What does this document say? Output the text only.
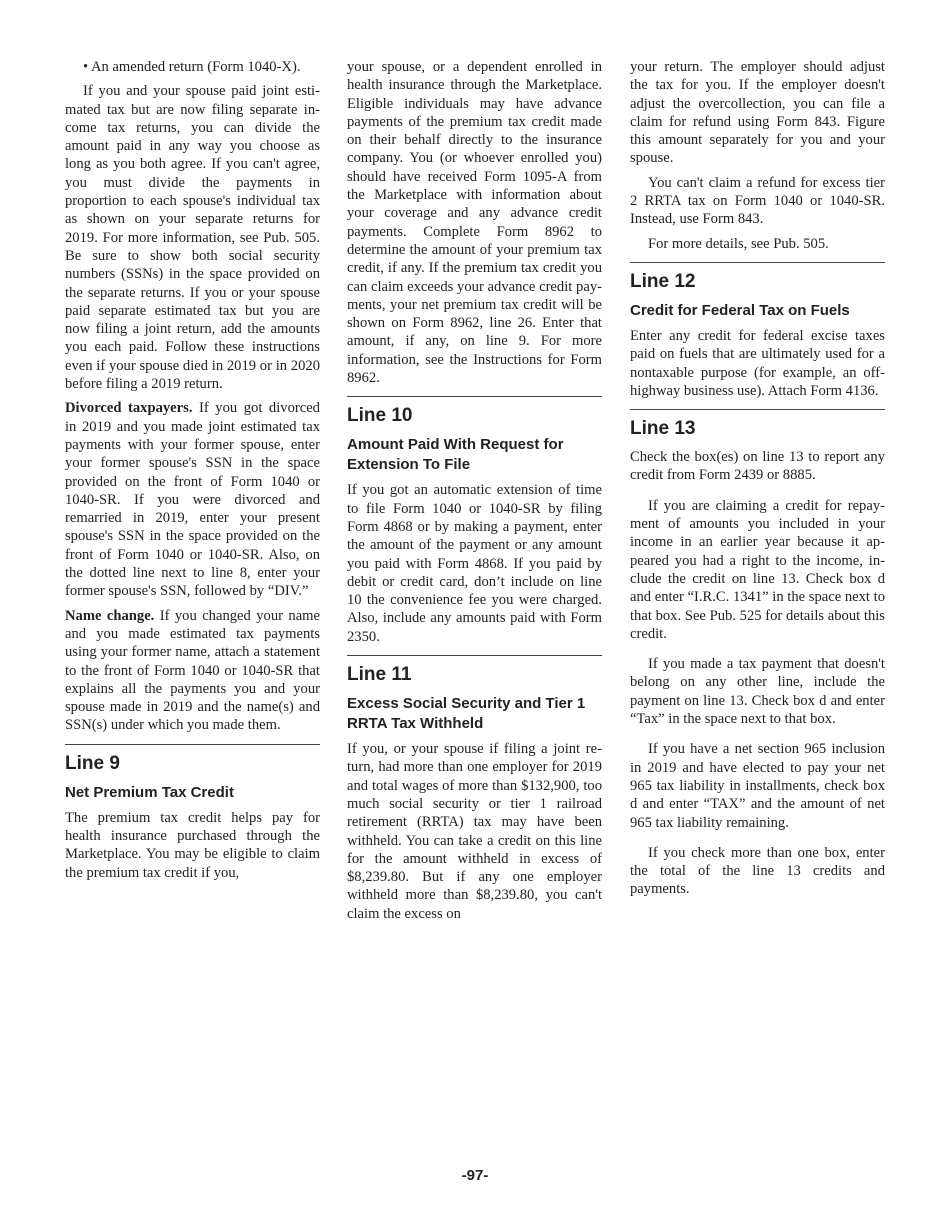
• An amended return (Form 1040-X).

If you and your spouse paid joint estimated tax but are now filing separate income tax returns, you can divide the amount paid in any way you choose as long as you both agree. If you can't agree, you must divide the payments in proportion to each spouse's individual tax as shown on your separate returns for 2019. For more information, see Pub. 505. Be sure to show both social security numbers (SSNs) in the space provided on the separate returns. If you or your spouse paid separate estimated tax but you are now filing a joint return, add the amounts you each paid. Follow these instructions even if your spouse died in 2019 or in 2020 before filing a 2019 return.

Divorced taxpayers. If you got divorced in 2019 and you made joint estimated tax payments with your former spouse, enter your former spouse's SSN in the space provided on the front of Form 1040 or 1040-SR. If you were divorced and remarried in 2019, enter your present spouse's SSN in the space provided on the front of Form 1040 or 1040-SR. Also, on the dotted line next to line 8, enter your former spouse's SSN, followed by “DIV.”

Name change. If you changed your name and you made estimated tax payments using your former name, attach a statement to the front of Form 1040 or 1040-SR that explains all the payments you and your spouse made in 2019 and the name(s) and SSN(s) under which you made them.

Line 9
Net Premium Tax Credit

The premium tax credit helps pay for health insurance purchased through the Marketplace. You may be eligible to claim the premium tax credit if you,

your spouse, or a dependent enrolled in health insurance through the Marketplace. Eligible individuals may have advance payments of the premium tax credit made on their behalf directly to the insurance company. You (or whoever enrolled you) should have received Form 1095-A from the Marketplace with information about your coverage and any advance credit payments. Complete Form 8962 to determine the amount of your premium tax credit, if any. If the premium tax credit you can claim exceeds your advance credit payments, your net premium tax credit will be shown on Form 8962, line 26. Enter that amount, if any, on line 9. For more information, see the Instructions for Form 8962.

Line 10
Amount Paid With Request for Extension To File

If you got an automatic extension of time to file Form 1040 or 1040-SR by filing Form 4868 or by making a payment, enter the amount of the payment or any amount you paid with Form 4868. If you paid by debit or credit card, don’t include on line 10 the convenience fee you were charged. Also, include any amounts paid with Form 2350.

Line 11
Excess Social Security and Tier 1 RRTA Tax Withheld

If you, or your spouse if filing a joint return, had more than one employer for 2019 and total wages of more than $132,900, too much social security or tier 1 railroad retirement (RRTA) tax may have been withheld. You can take a credit on this line for the amount withheld in excess of $8,239.80. But if any one employer withheld more than $8,239.80, you can't claim the excess on

your return. The employer should adjust the tax for you. If the employer doesn't adjust the overcollection, you can file a claim for refund using Form 843. Figure this amount separately for you and your spouse.

You can't claim a refund for excess tier 2 RRTA tax on Form 1040 or 1040-SR. Instead, use Form 843.

For more details, see Pub. 505.

Line 12
Credit for Federal Tax on Fuels

Enter any credit for federal excise taxes paid on fuels that are ultimately used for a nontaxable purpose (for example, an off-highway business use). Attach Form 4136.

Line 13

Check the box(es) on line 13 to report any credit from Form 2439 or 8885.

If you are claiming a credit for repayment of amounts you included in your income in an earlier year because it appeared you had a right to the income, include the credit on line 13. Check box d and enter “I.R.C. 1341” in the space next to that box. See Pub. 525 for details about this credit.

If you made a tax payment that doesn't belong on any other line, include the payment on line 13. Check box d and enter “Tax” in the space next to that box.

If you have a net section 965 inclusion in 2019 and have elected to pay your net 965 tax liability in installments, check box d and enter “TAX” and the amount of net 965 tax liability remaining.

If you check more than one box, enter the total of the line 13 credits and payments.

-97-
